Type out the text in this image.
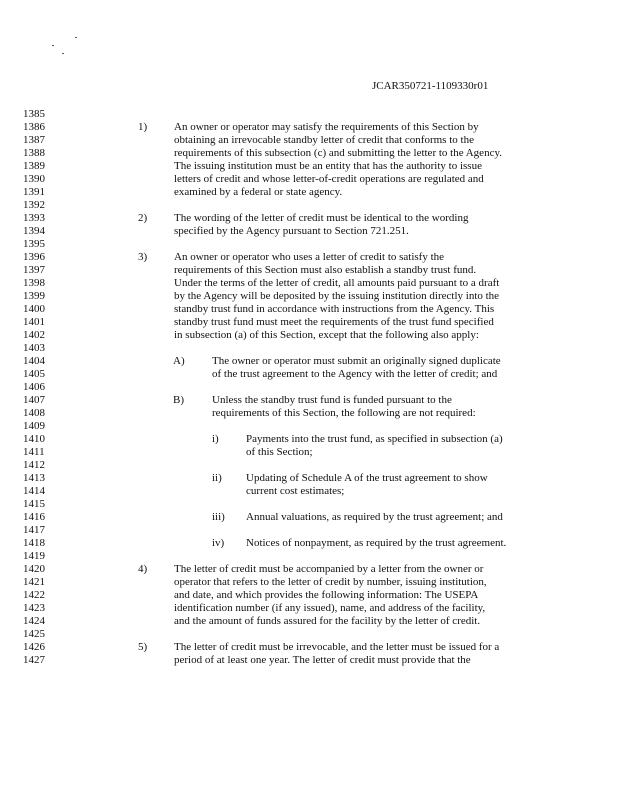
JCAR350721-1109330r01
1385
1386	1) An owner or operator may satisfy the requirements of this Section by
1387	obtaining an irrevocable standby letter of credit that conforms to the
1388	requirements of this subsection (c) and submitting the letter to the Agency.
1389	The issuing institution must be an entity that has the authority to issue
1390	letters of credit and whose letter-of-credit operations are regulated and
1391	examined by a federal or state agency.
1392
1393	2) The wording of the letter of credit must be identical to the wording
1394	specified by the Agency pursuant to Section 721.251.
1395
1396	3) An owner or operator who uses a letter of credit to satisfy the
1397	requirements of this Section must also establish a standby trust fund.
1398	Under the terms of the letter of credit, all amounts paid pursuant to a draft
1399	by the Agency will be deposited by the issuing institution directly into the
1400	standby trust fund in accordance with instructions from the Agency. This
1401	standby trust fund must meet the requirements of the trust fund specified
1402	in subsection (a) of this Section, except that the following also apply:
1403
1404	A) The owner or operator must submit an originally signed duplicate
1405	of the trust agreement to the Agency with the letter of credit; and
1406
1407	B)	Unless the standby trust fund is funded pursuant to the
1408	requirements of this Section, the following are not required:
1409
1410	i) Payments into the trust fund, as specified in subsection (a)
1411	of this Section;
1412
1413	ii) Updating of Schedule A of the trust agreement to show
1414	current cost estimates;
1415
1416	iii) Annual valuations, as required by the trust agreement; and
1417
1418	iv) Notices of nonpayment, as required by the trust agreement.
1419
1420	4) The letter of credit must be accompanied by a letter from the owner or
1421	operator that refers to the letter of credit by number, issuing institution,
1422	and date, and which provides the following information: The USEPA
1423	identification number (if any issued), name, and address of the facility,
1424	and the amount of funds assured for the facility by the letter of credit.
1425
1426	5) The letter of credit must be irrevocable, and the letter must be issued for a
1427	period of at least one year. The letter of credit must provide that the
